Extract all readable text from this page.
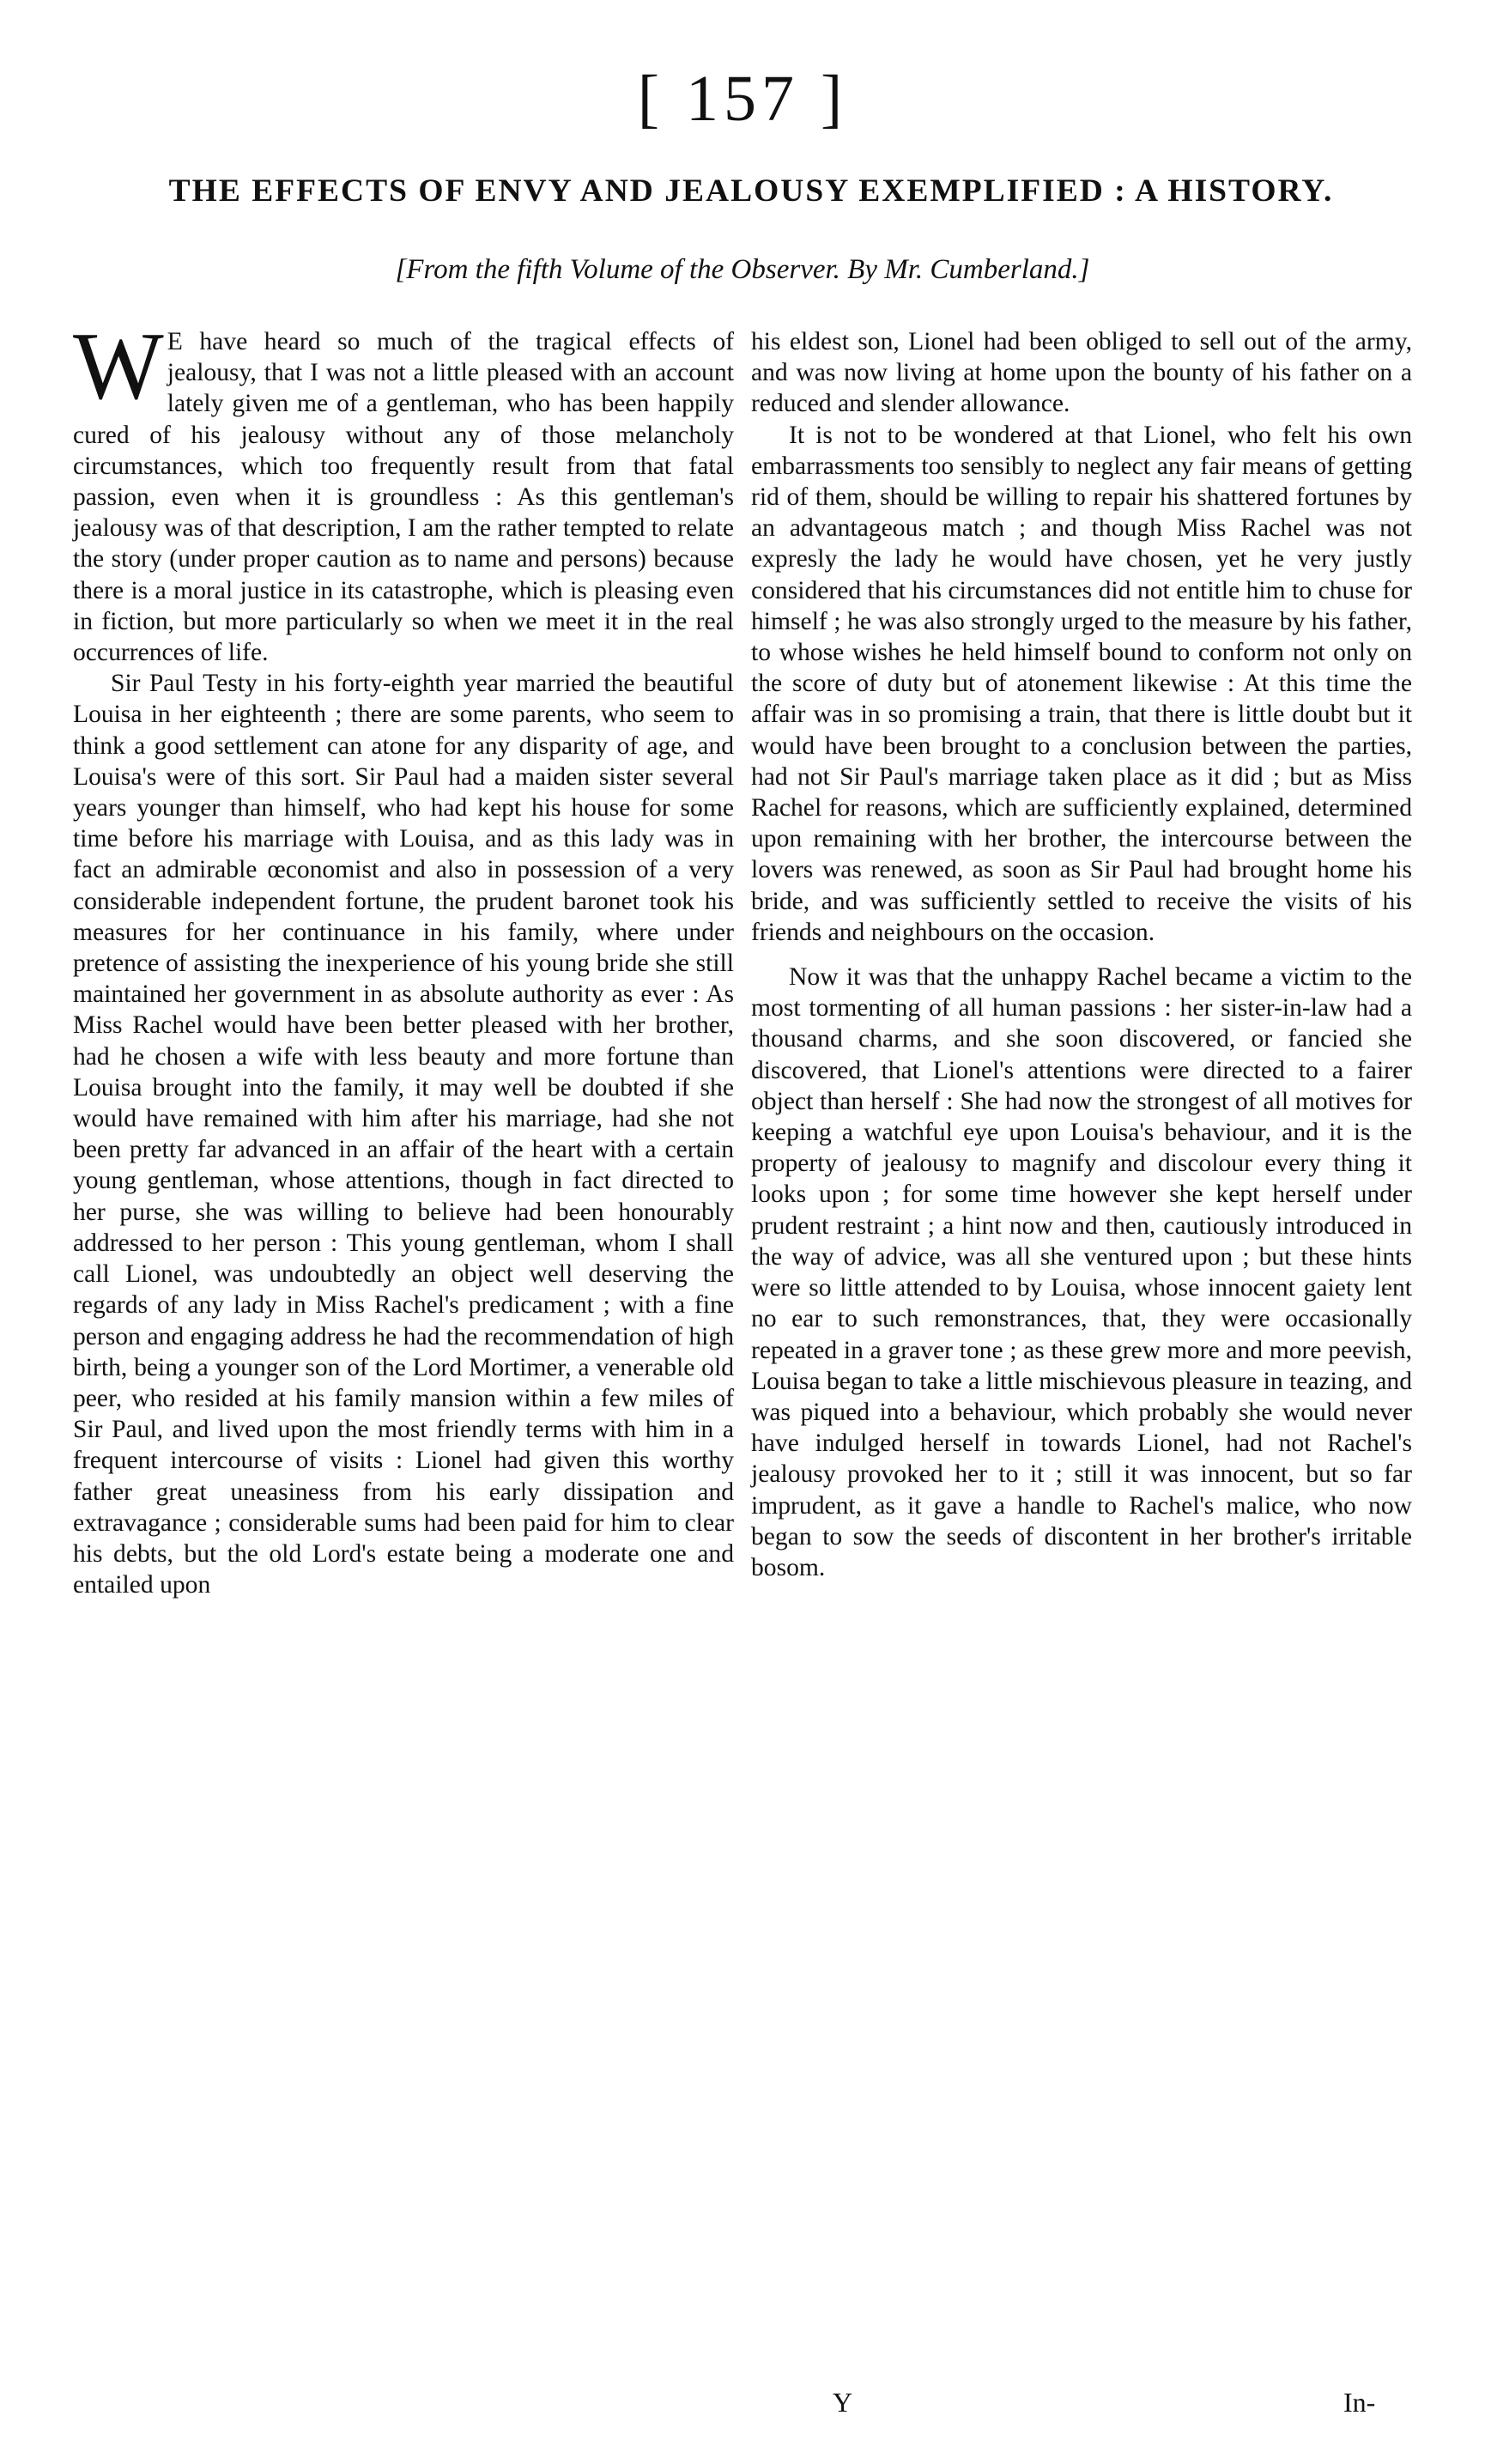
[ 157 ]
THE EFFECTS OF ENVY AND JEALOUSY EXEMPLIFIED : A HISTORY.
[From the fifth Volume of the Observer. By Mr. Cumberland.]

W E have heard so much of the tragical effects of jealousy, that I was not a little pleased with an account lately given me of a gentleman, who has been happily cured of his jealousy without any of those melancholy circumstances, which too frequently result from that fatal passion, even when it is groundless : As this gentleman's jealousy was of that description, I am the rather tempted to relate the story (under proper caution as to name and persons) because there is a moral justice in its catastrophe, which is pleasing even in fiction, but more particularly so when we meet it in the real occurrences of life.

Sir Paul Testy in his forty-eighth year married the beautiful Louisa in her eighteenth ; there are some parents, who seem to think a good settlement can atone for any disparity of age, and Louisa's were of this sort. Sir Paul had a maiden sister several years younger than himself, who had kept his house for some time before his marriage with Louisa, and as this lady was in fact an admirable œconomist and also in possession of a very considerable independent fortune, the prudent baronet took his measures for her continuance in his family, where under pretence of assisting the inexperience of his young bride she still maintained her government in as absolute authority as ever : As Miss Rachel would have been better pleased with her brother, had he chosen a wife with less beauty and more fortune than Louisa brought into the family, it may well be doubted if she would have remained with him after his marriage, had she not been pretty far advanced in an affair of the heart with a certain young gentleman, whose attentions, though in fact directed to her purse, she was willing to believe had been honourably addressed to her person : This young gentleman, whom I shall call Lionel, was undoubtedly an object well deserving the regards of any lady in Miss Rachel's predicament ; with a fine person and engaging address he had the recommendation of high birth, being a younger son of the Lord Mortimer, a venerable old peer, who resided at his family mansion within a few miles of Sir Paul, and lived upon the most friendly terms with him in a frequent intercourse of visits : Lionel had given this worthy father great uneasiness from his early dissipation and extravagance ; considerable sums had been paid for him to clear his debts, but the old Lord's estate being a moderate one and entailed upon

his eldest son, Lionel had been obliged to sell out of the army, and was now living at home upon the bounty of his father on a reduced and slender allowance.

It is not to be wondered at that Lionel, who felt his own embarrassments too sensibly to neglect any fair means of getting rid of them, should be willing to repair his shattered fortunes by an advantageous match ; and though Miss Rachel was not expresly the lady he would have chosen, yet he very justly considered that his circumstances did not entitle him to chuse for himself ; he was also strongly urged to the measure by his father, to whose wishes he held himself bound to conform not only on the score of duty but of atonement likewise : At this time the affair was in so promising a train, that there is little doubt but it would have been brought to a conclusion between the parties, had not Sir Paul's marriage taken place as it did ; but as Miss Rachel for reasons, which are sufficiently explained, determined upon remaining with her brother, the intercourse between the lovers was renewed, as soon as Sir Paul had brought home his bride, and was sufficiently settled to receive the visits of his friends and neighbours on the occasion.

Now it was that the unhappy Rachel became a victim to the most tormenting of all human passions : her sister-in-law had a thousand charms, and she soon discovered, or fancied she discovered, that Lionel's attentions were directed to a fairer object than herself : She had now the strongest of all motives for keeping a watchful eye upon Louisa's behaviour, and it is the property of jealousy to magnify and discolour every thing it looks upon ; for some time however she kept herself under prudent restraint ; a hint now and then, cautiously introduced in the way of advice, was all she ventured upon ; but these hints were so little attended to by Louisa, whose innocent gaiety lent no ear to such remonstrances, that, they were occasionally repeated in a graver tone ; as these grew more and more peevish, Louisa began to take a little mischievous pleasure in teazing, and was piqued into a behaviour, which probably she would never have indulged herself in towards Lionel, had not Rachel's jealousy provoked her to it ; still it was innocent, but so far imprudent, as it gave a handle to Rachel's malice, who now began to sow the seeds of discontent in her brother's irritable bosom.

Y	In-
